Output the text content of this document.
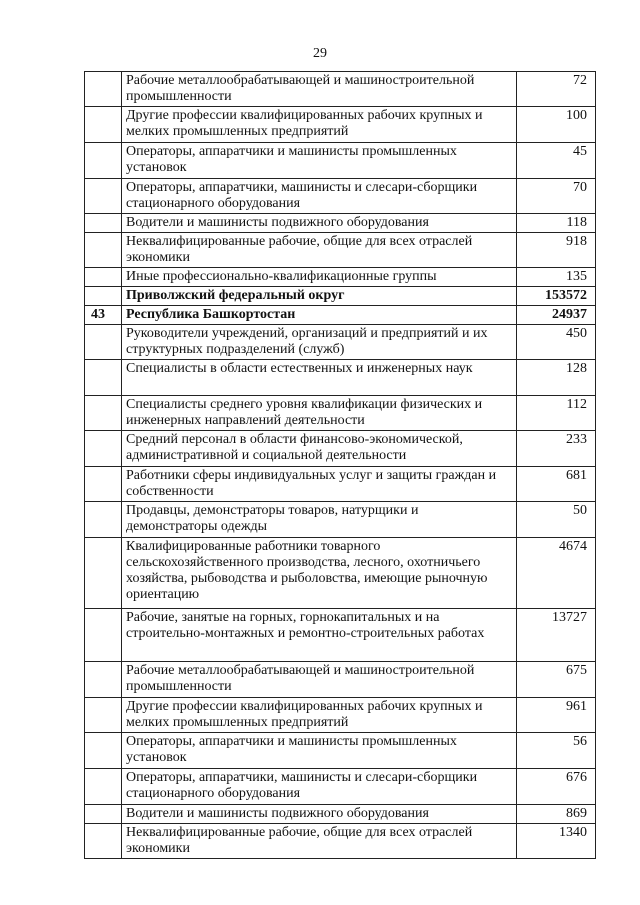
29
	Рабочие металлообрабатывающей и машиностроительной промышленности	72
	Другие профессии квалифицированных рабочих крупных и мелких промышленных предприятий	100
	Операторы, аппаратчики и машинисты промышленных установок	45
	Операторы, аппаратчики, машинисты и слесари-сборщики стационарного оборудования	70
	Водители и машинисты подвижного оборудования	118
	Неквалифицированные рабочие, общие для всех отраслей экономики	918
	Иные профессионально-квалификационные группы	135
	Приволжский федеральный округ	153572
43	Республика Башкортостан	24937
	Руководители учреждений, организаций и предприятий и их структурных подразделений (служб)	450
	Специалисты в области естественных и инженерных наук	128
	Специалисты среднего уровня квалификации физических и инженерных направлений деятельности	112
	Средний персонал в области финансово-экономической, административной и социальной деятельности	233
	Работники сферы индивидуальных услуг и защиты граждан и собственности	681
	Продавцы, демонстраторы товаров, натурщики и демонстраторы одежды	50
	Квалифицированные работники товарного сельскохозяйственного производства, лесного, охотничьего хозяйства, рыбоводства и рыболовства, имеющие рыночную ориентацию	4674
	Рабочие, занятые на горных, горнокапитальных и на строительно-монтажных и ремонтно-строительных работах	13727
	Рабочие металлообрабатывающей и машиностроительной промышленности	675
	Другие профессии квалифицированных рабочих крупных и мелких промышленных предприятий	961
	Операторы, аппаратчики и машинисты промышленных установок	56
	Операторы, аппаратчики, машинисты и слесари-сборщики стационарного оборудования	676
	Водители и машинисты подвижного оборудования	869
	Неквалифицированные рабочие, общие для всех отраслей экономики	1340
